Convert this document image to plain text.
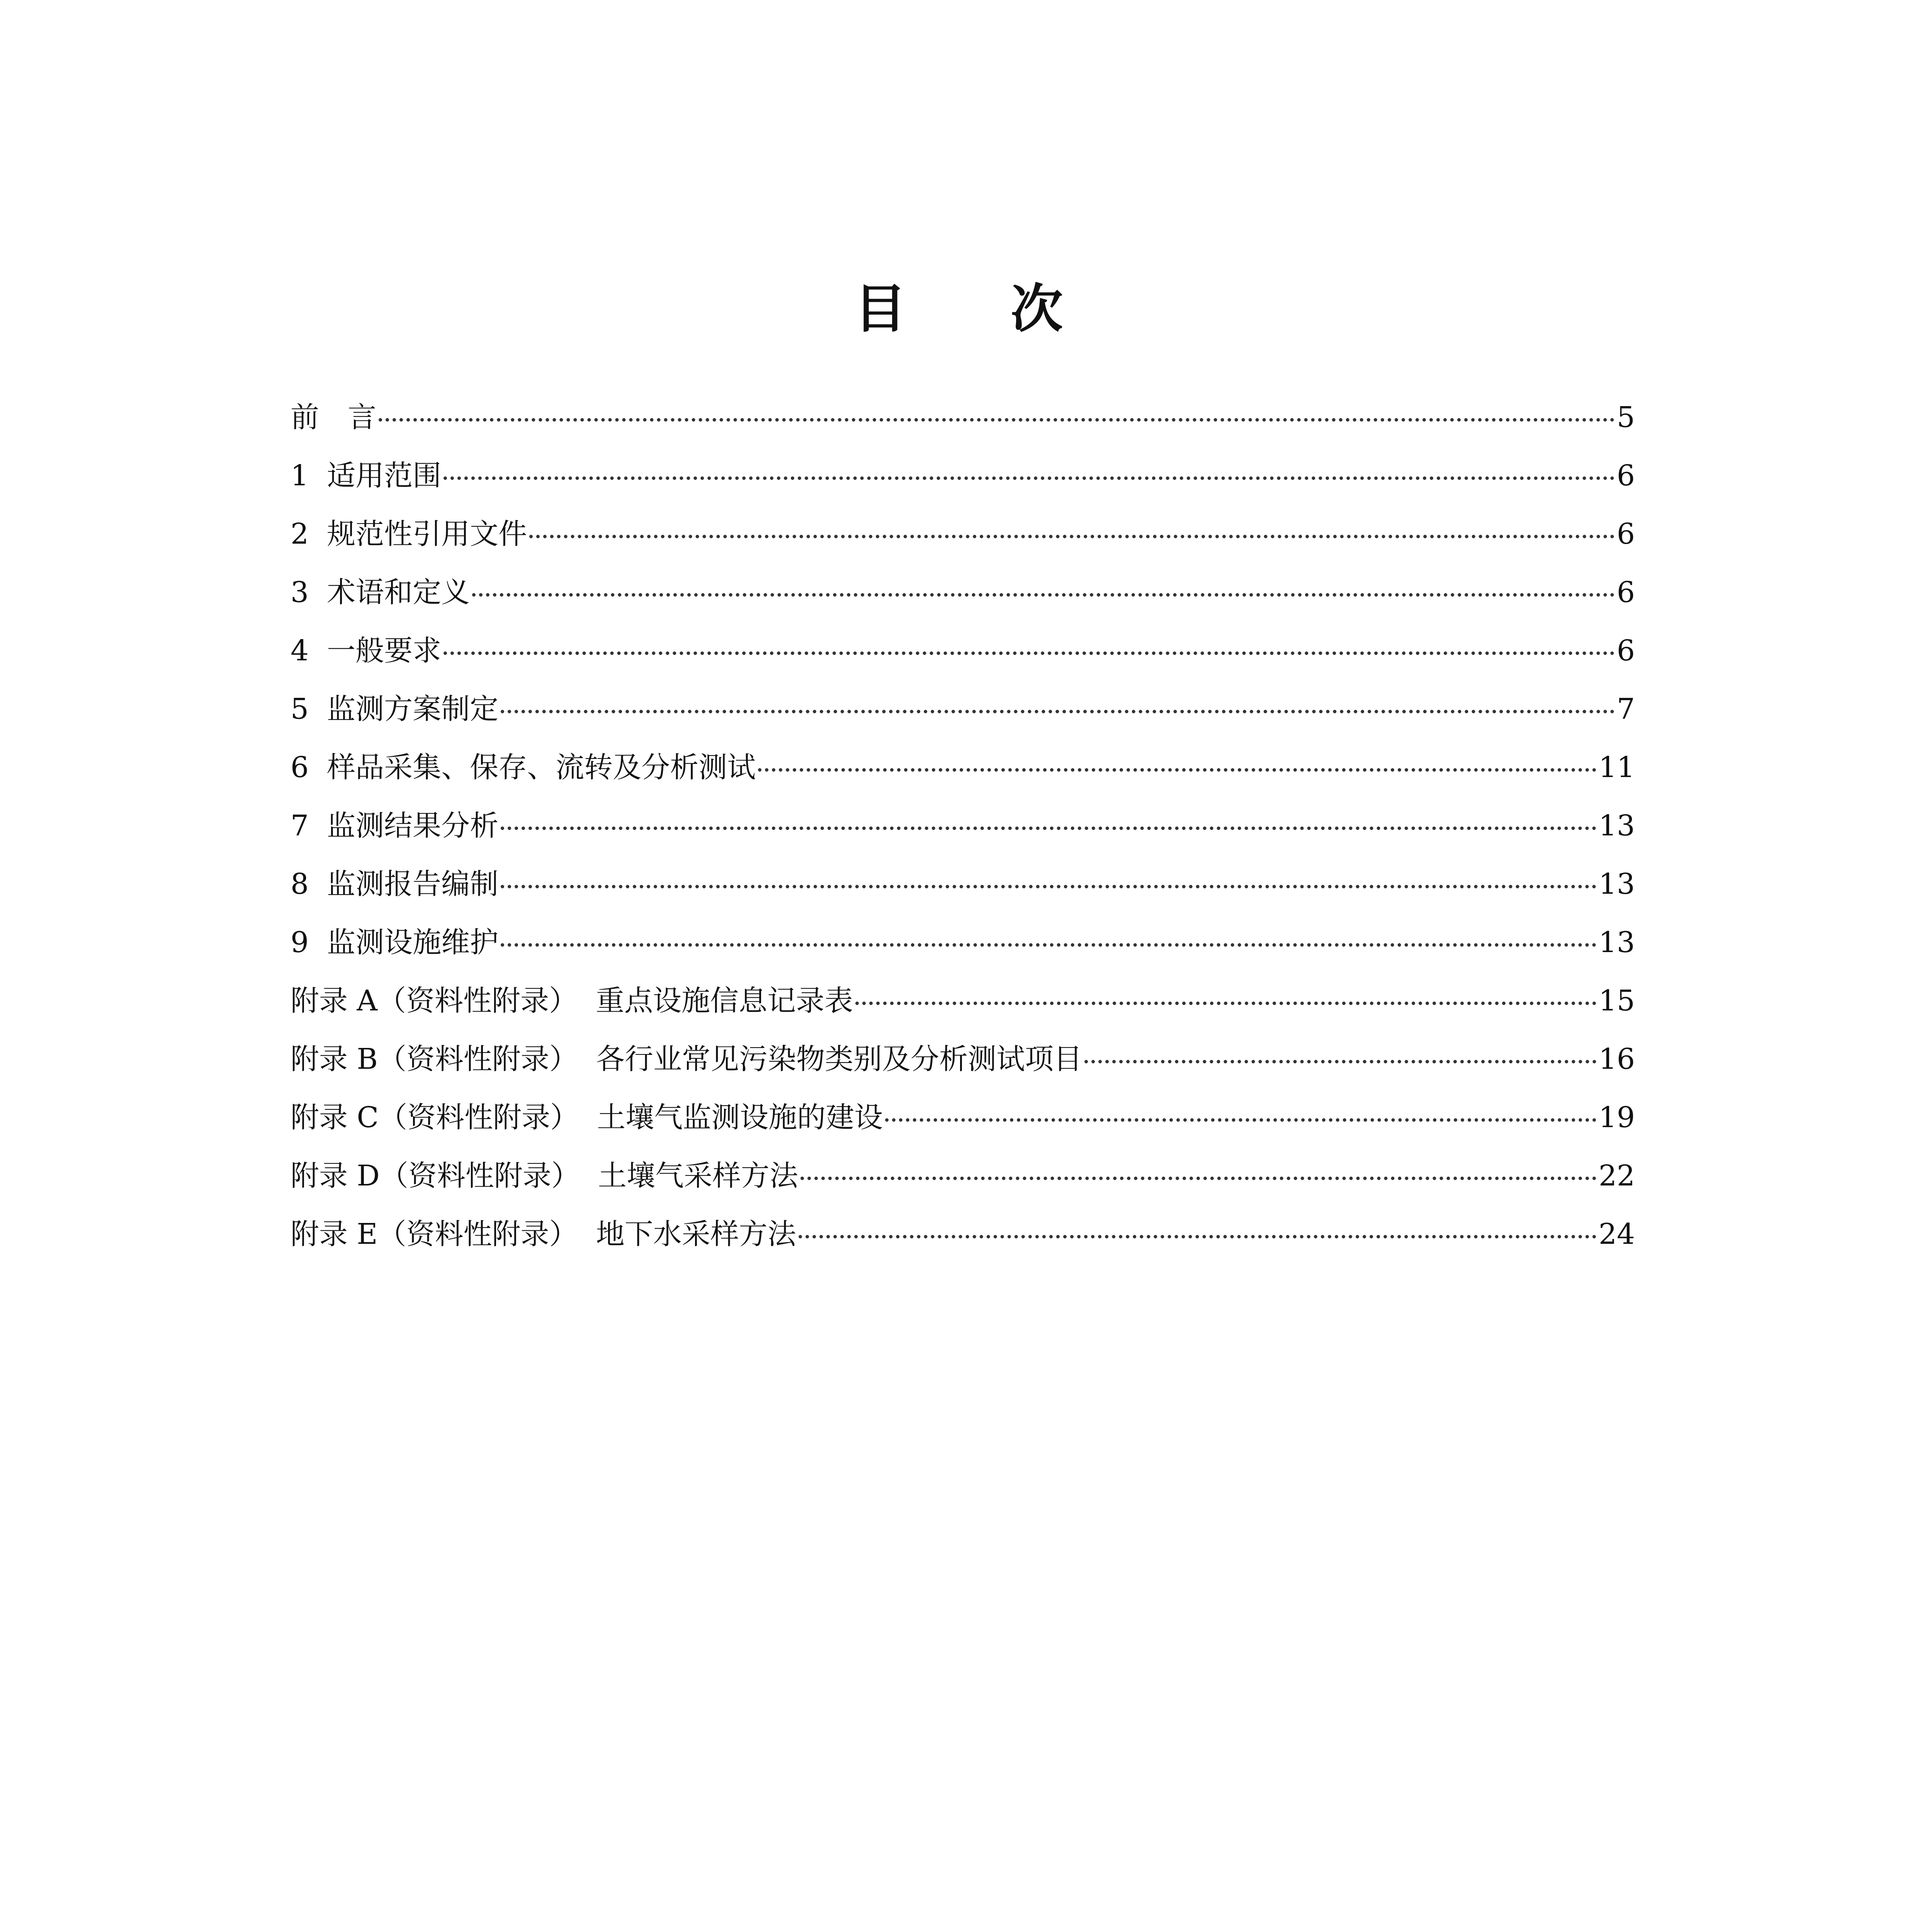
目　　次
前　言	5
1  适用范围	6
2  规范性引用文件	6
3  术语和定义	6
4  一般要求	6
5  监测方案制定	7
6  样品采集、保存、流转及分析测试	11
7  监测结果分析	13
8  监测报告编制	13
9  监测设施维护	13
附录 A（资料性附录）  重点设施信息记录表	15
附录 B（资料性附录）  各行业常见污染物类别及分析测试项目	16
附录 C（资料性附录）  土壤气监测设施的建设	19
附录 D（资料性附录）  土壤气采样方法	22
附录 E（资料性附录）  地下水采样方法	24
